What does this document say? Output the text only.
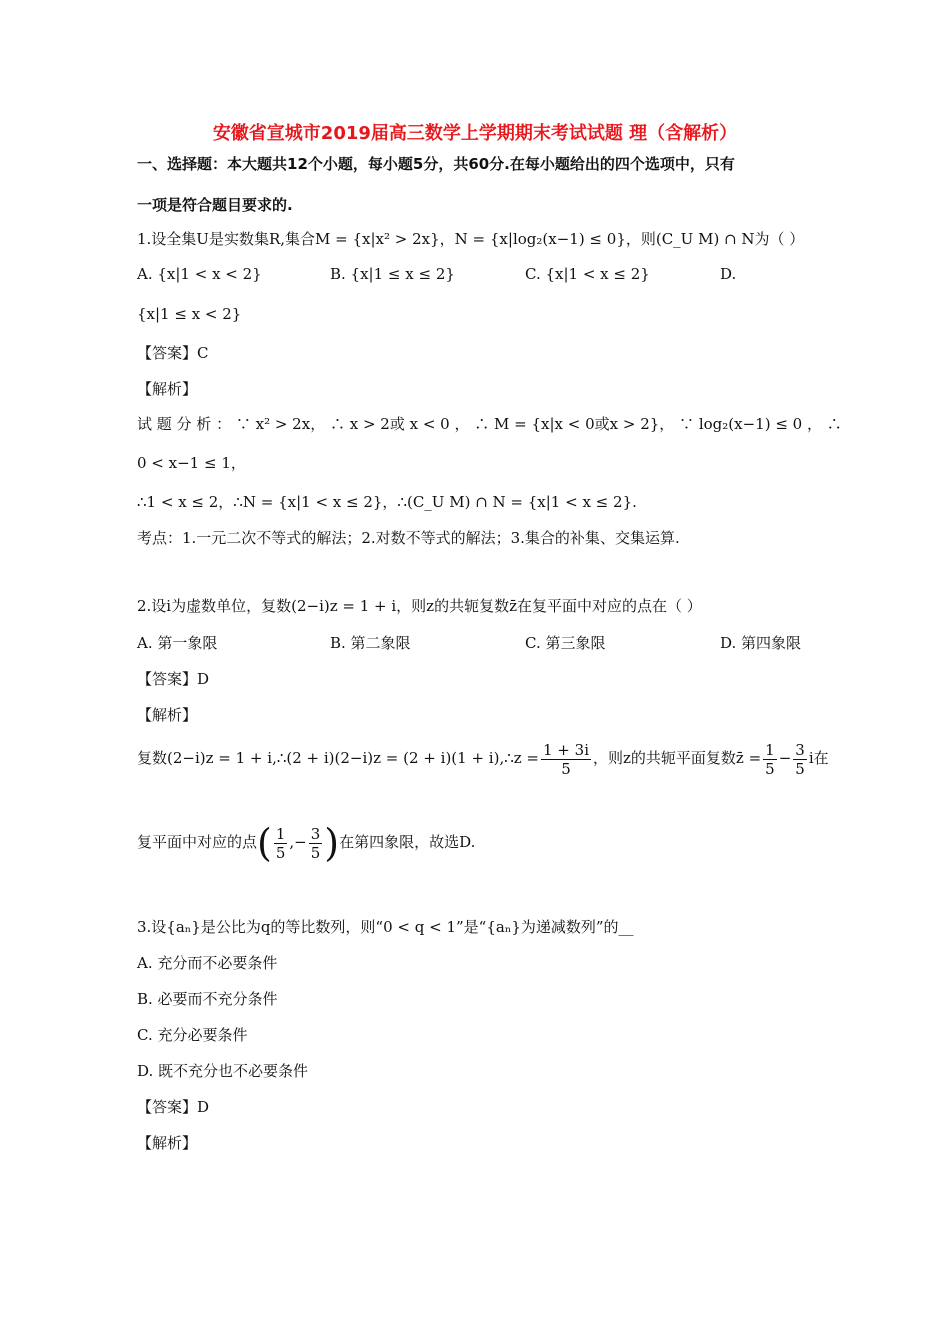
安徽省宣城市2019届高三数学上学期期末考试试题 理（含解析）
一、选择题：本大题共12个小题，每小题5分，共60分.在每小题给出的四个选项中，只有
一项是符合题目要求的.
1.设全集U是实数集R,集合M = {x|x² > 2x}，N = {x|log₂(x−1) ≤ 0}，则(C_U M) ∩ N为（ ）
A. {x|1 < x < 2}	B. {x|1 ≤ x ≤ 2}	C. {x|1 < x ≤ 2}	D.
{x|1 ≤ x < 2}
【答案】C
【解析】
试 题 分 析 ： ∵ x² > 2x， ∴ x > 2或 x < 0 ， ∴ M = {x|x < 0或x > 2}， ∵ log₂(x−1) ≤ 0 ， ∴
0 < x−1 ≤ 1，
∴1 < x ≤ 2，∴N = {x|1 < x ≤ 2}，∴(C_U M) ∩ N = {x|1 < x ≤ 2}.
考点：1.一元二次不等式的解法；2.对数不等式的解法；3.集合的补集、交集运算.
2.设i为虚数单位，复数(2−i)z = 1 + i，则z的共轭复数z̄在复平面中对应的点在（ ）
A. 第一象限	B. 第二象限	C. 第三象限	D. 第四象限
【答案】D
【解析】
复数(2−i)z = 1 + i,∴(2 + i)(2−i)z = (2 + i)(1 + i),∴z = $\frac{1 + 3i}{5}$ ，则z的共轭平面复数z̄ = $\frac{1}{5} - \frac{3}{5}$ i在
复平面中对应的点( $\frac{1}{5}$ ,− $\frac{3}{5}$ )在第四象限，故选D.
3.设{aₙ}是公比为q的等比数列，则“0 < q < 1”是“{aₙ}为递减数列”的__
A. 充分而不必要条件
B. 必要而不充分条件
C. 充分必要条件
D. 既不充分也不必要条件
【答案】D
【解析】
